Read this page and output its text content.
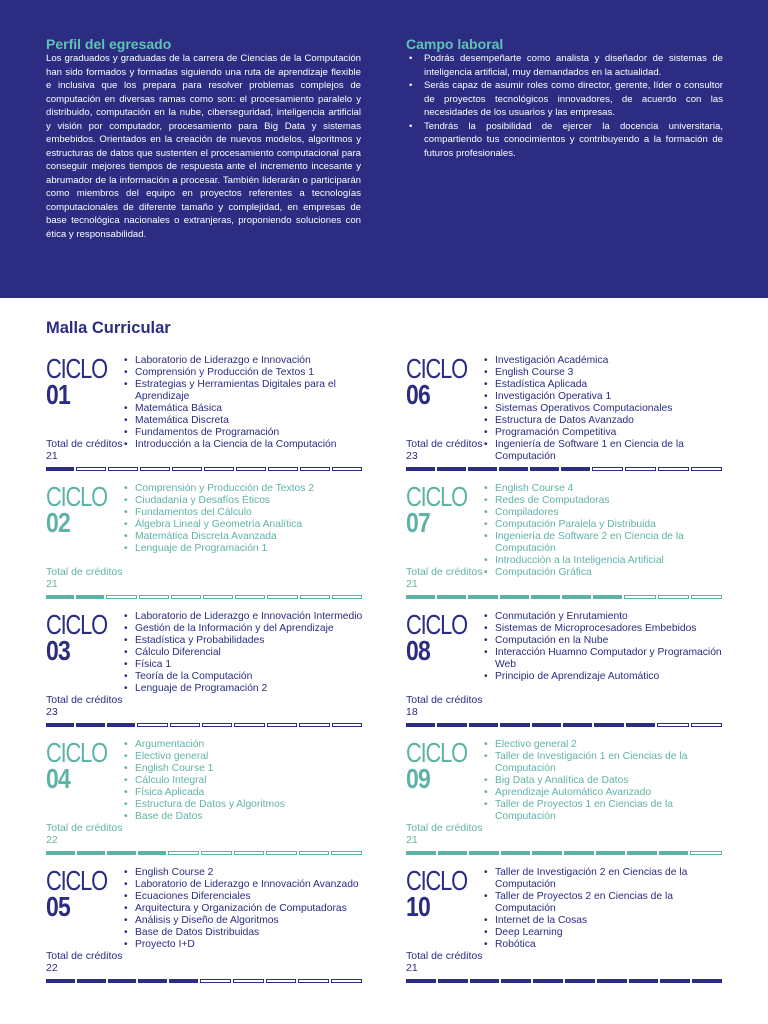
Perfil del egresado
Los graduados y graduadas de la carrera de Ciencias de la Computación han sido formados y formadas siguiendo una ruta de aprendizaje flexible e inclusiva que los prepara para resolver problemas complejos de computación en diversas ramas como son: el procesamiento paralelo y distribuido, computación en la nube, ciberseguridad, inteligencia artificial y visión por computador, procesamiento para Big Data y sistemas embebidos. Orientados en la creación de nuevos modelos, algoritmos y estructuras de datos que sustenten el procesamiento computacional para conseguir mejores tiempos de respuesta ante el incremento incesante y abrumador de la información a procesar. También liderarán o participarán como miembros del equipo en proyectos referentes a tecnologías computacionales de diferente tamaño y complejidad, en empresas de base tecnológica nacionales o extranjeras, proponiendo soluciones con ética y responsabilidad.
Campo laboral
• Podrás desempeñarte como analista y diseñador de sistemas de inteligencia artificial, muy demandados en la actualidad.
• Serás capaz de asumir roles como director, gerente, líder o consultor de proyectos tecnológicos innovadores, de acuerdo con las necesidades de los usuarios y las empresas.
• Tendrás la posibilidad de ejercer la docencia universitaria, compartiendo tus conocimientos y contribuyendo a la formación de futuros profesionales.
Malla Curricular
CICLO
01
Total de créditos 21
• Laboratorio de Liderazgo e Innovación
• Comprensión y Producción de Textos 1
• Estrategias y Herramientas Digitales para el Aprendizaje
• Matemática Básica
• Matemática Discreta
• Fundamentos de Programación
• Introducción a la Ciencia de la Computación
CICLO
06
Total de créditos 23
• Investigación Académica
• English Course 3
• Estadística Aplicada
• Investigación Operativa 1
• Sistemas Operativos Computacionales
• Estructura de Datos Avanzado
• Programación Competitiva
• Ingeniería de Software 1 en Ciencia de la Computación
CICLO
02
Total de créditos 21
• Comprensión y Producción de Textos 2
• Ciudadanía y Desafíos Éticos
• Fundamentos del Cálculo
• Álgebra Lineal y Geometría Analítica
• Matemática Discreta Avanzada
• Lenguaje de Programación 1
CICLO
07
Total de créditos 21
• English Course 4
• Redes de Computadoras
• Compiladores
• Computación Paralela y Distribuida
• Ingeniería de Software 2 en Ciencia de la Computación
• Introducción a la Inteligencia Artificial
• Computación Gráfica
CICLO
03
Total de créditos 23
• Laboratorio de Liderazgo e Innovación Intermedio
• Gestión de la Información y del Aprendizaje
• Estadística y Probabilidades
• Cálculo Diferencial
• Física 1
• Teoría de la Computación
• Lenguaje de Programación 2
CICLO
08
Total de créditos 18
• Conmutación y Enrutamiento
• Sistemas de Microprocesadores Embebidos
• Computación en la Nube
• Interacción Huamno Computador y Programación Web
• Principio de Aprendizaje Automático
CICLO
04
Total de créditos 22
• Argumentación
• Electivo general
• English Course 1
• Cálculo Integral
• Física Aplicada
• Estructura de Datos y Algoritmos
• Base de Datos
CICLO
09
Total de créditos 21
• Electivo general 2
• Taller de Investigación 1 en Ciencias de la Computación
• Big Data y Analítica de Datos
• Aprendizaje Automático Avanzado
• Taller de Proyectos 1 en Ciencias de la Computación
CICLO
05
Total de créditos 22
• English Course 2
• Laboratorio de Liderazgo e Innovación Avanzado
• Ecuaciones Diferenciales
• Arquitectura y Organización de Computadoras
• Análisis y Diseño de Algoritmos
• Base de Datos Distribuidas
• Proyecto I+D
CICLO
10
Total de créditos 21
• Taller de Investigación 2 en Ciencias de la Computación
• Taller de Proyectos 2 en Ciencias de la Computación
• Internet de la Cosas
• Deep Learning
• Robótica
